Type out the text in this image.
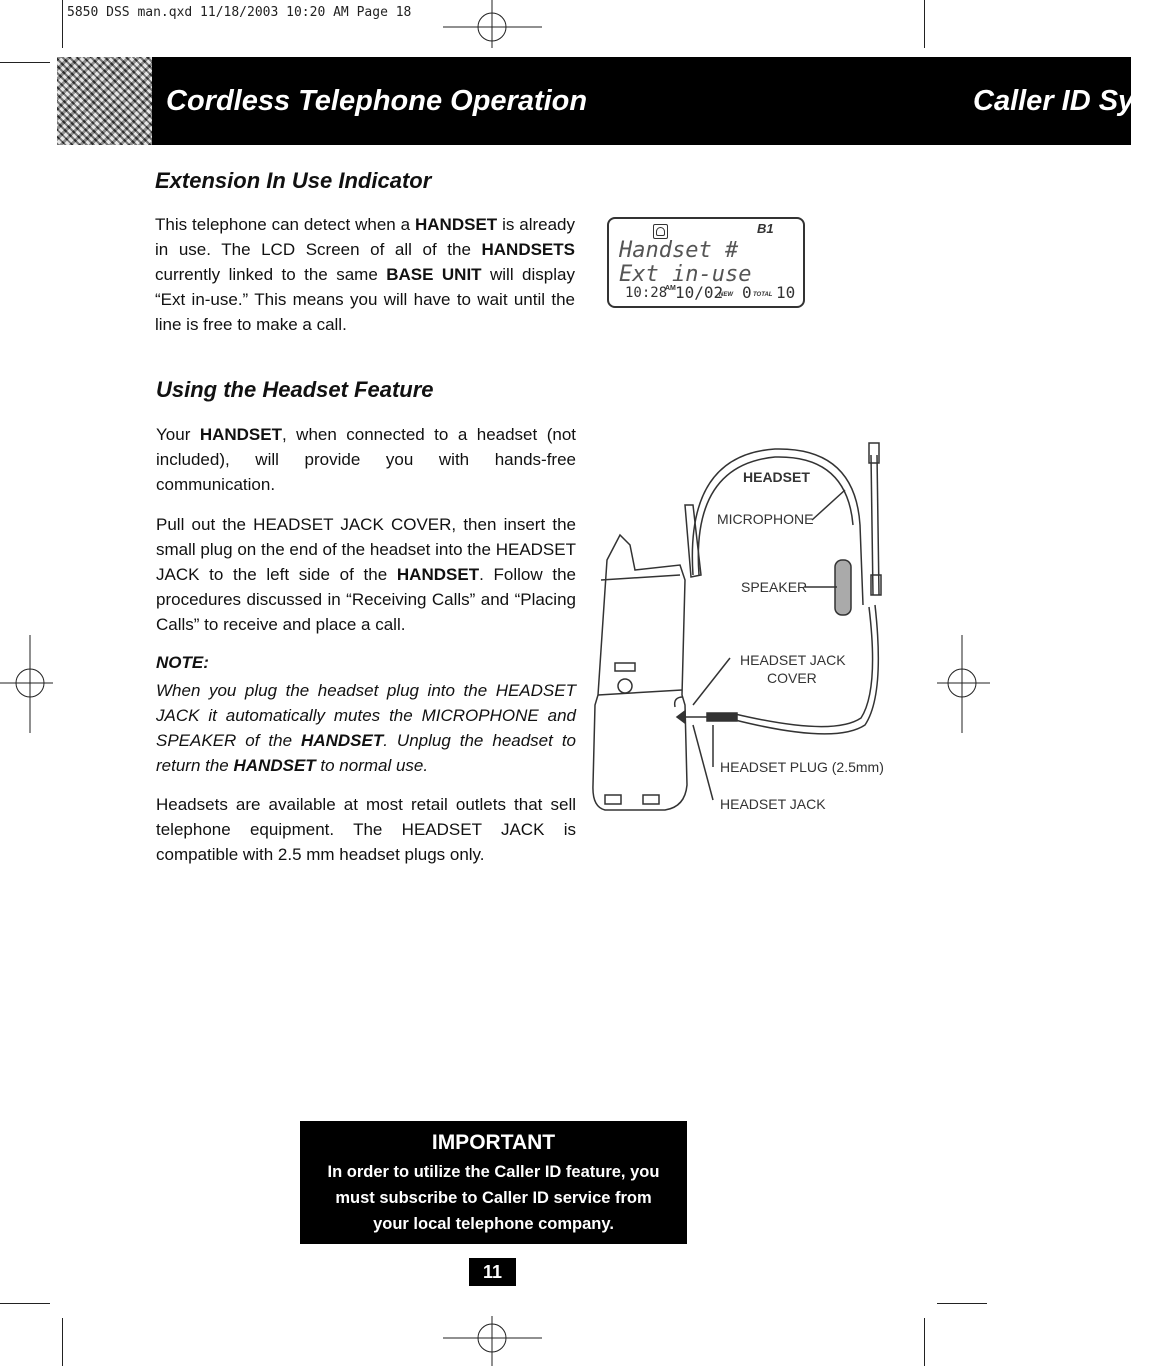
5850 DSS man.qxd 11/18/2003 10:20 AM Page 18
Cordless Telephone Operation	Caller ID Sys
Extension In Use Indicator

This telephone can detect when a HANDSET is already in use. The LCD Screen of all of the HANDSETS currently linked to the same BASE UNIT will display “Ext in-use.” This means you will have to wait until the line is free to make a call.

B1
Handset #
Ext in-use
10:28
AM 10/02
NEW 0 TOTAL 10
Using the Headset Feature

Your HANDSET, when connected to a headset (not included), will provide you with hands-free communication.

Pull out the HEADSET JACK COVER, then insert the small plug on the end of the headset into the HEADSET JACK to the left side of the HANDSET. Follow the procedures discussed in “Receiving Calls” and “Placing Calls” to receive and place a call.

NOTE:

When you plug the headset plug into the HEADSET JACK it automatically mutes the MICROPHONE and SPEAKER of the HANDSET. Unplug the headset to return the HANDSET to normal use.

Headsets are available at most retail outlets that sell telephone equipment. The HEADSET JACK is compatible with 2.5 mm headset plugs only.

HEADSET
MICROPHONE
SPEAKER
HEADSET JACK
COVER
HEADSET PLUG (2.5mm)
HEADSET JACK
IMPORTANT
In order to utilize the Caller ID feature, you
must subscribe to Caller ID service from
your local telephone company.
11
